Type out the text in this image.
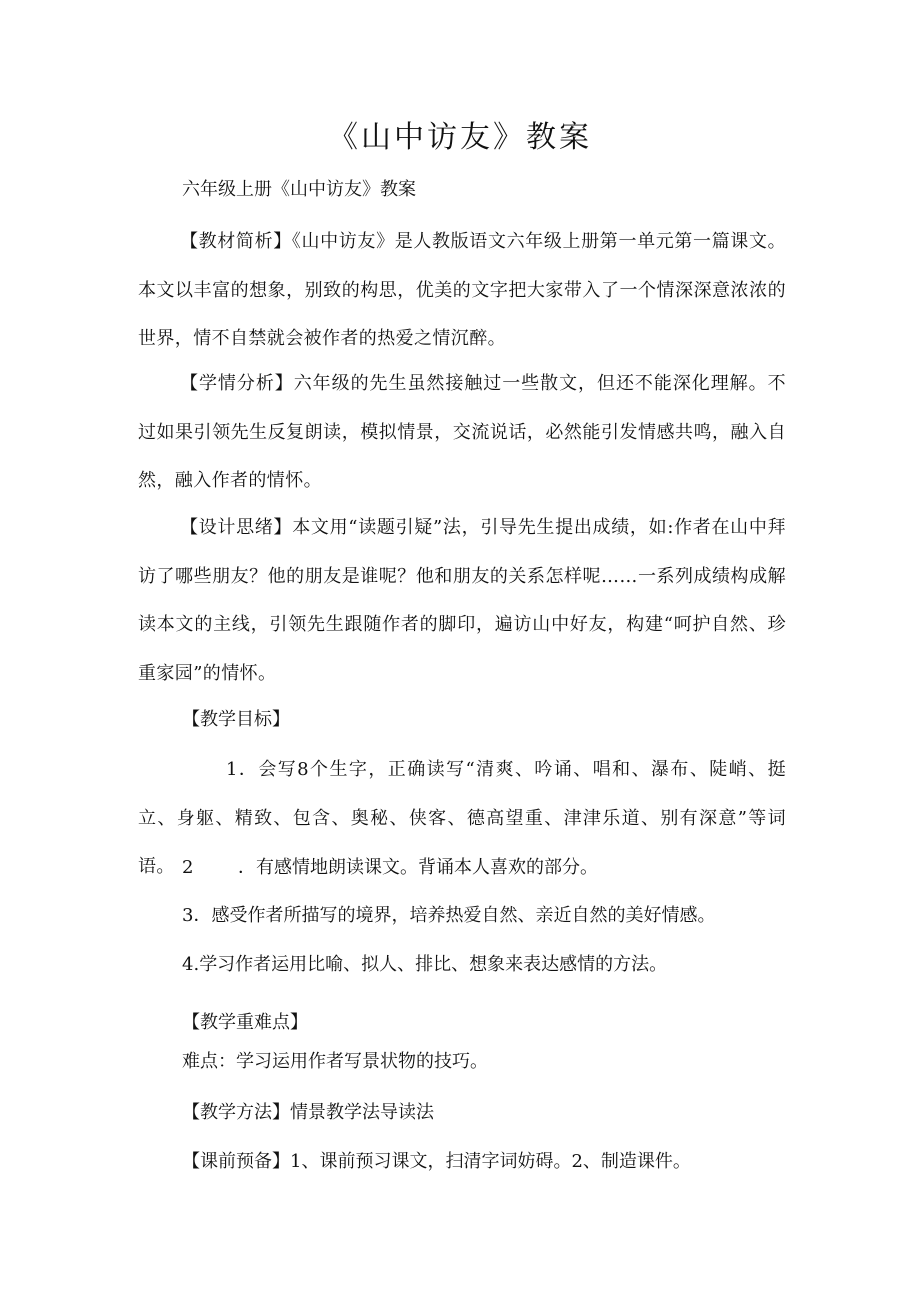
《山中访友》教案
六年级上册《山中访友》教案
【教材简析】《山中访友》是人教版语文六年级上册第一单元第一篇课文。本文以丰富的想象，别致的构思，优美的文字把大家带入了一个情深深意浓浓的世界，情不自禁就会被作者的热爱之情沉醉。
【学情分析】六年级的先生虽然接触过一些散文，但还不能深化理解。不过如果引领先生反复朗读，模拟情景，交流说话，必然能引发情感共鸣，融入自然，融入作者的情怀。
【设计思绪】本文用“读题引疑”法，引导先生提出成绩，如:作者在山中拜访了哪些朋友？他的朋友是谁呢？他和朋友的关系怎样呢……一系列成绩构成解读本文的主线，引领先生跟随作者的脚印，遍访山中好友，构建“呵护自然、珍重家园”的情怀。
【教学目标】
1．会写8个生字，正确读写“清爽、吟诵、唱和、瀑布、陡峭、挺立、身躯、精致、包含、奥秘、侠客、德高望重、津津乐道、别有深意”等词语。 2 ．有感情地朗读课文。背诵本人喜欢的部分。
3．感受作者所描写的境界，培养热爱自然、亲近自然的美好情感。
4.学习作者运用比喻、拟人、排比、想象来表达感情的方法。
【教学重难点】
难点：学习运用作者写景状物的技巧。
【教学方法】情景教学法导读法
【课前预备】1、课前预习课文，扫清字词妨碍。2、制造课件。
